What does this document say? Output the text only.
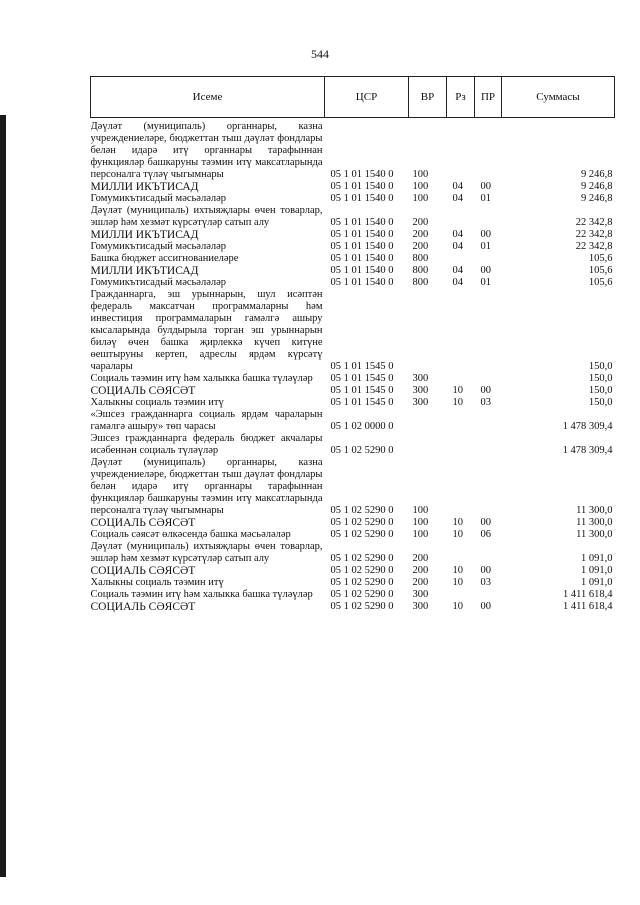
544
Исеме	ЦСР	ВР	Рз	ПР	Суммасы
Дәүләт (муниципаль) органнары, казна учреждениеләре, бюджеттан тыш дәүләт фондлары белән идарә итү органнары тарафыннан функцияләр башкаруны тәэмин итү максатларында персоналга түләү чыгымнары	05 1 01 1540 0	100			9 246,8
МИЛЛИ ИКЪТИСАД	05 1 01 1540 0	100	04	00	9 246,8
Гомумикътисадый мәсьәләләр	05 1 01 1540 0	100	04	01	9 246,8
Дәүләт (муниципаль) ихтыяҗлары өчен товарлар, эшләр һәм хезмәт күрсәтүләр сатып алу	05 1 01 1540 0	200			22 342,8
МИЛЛИ ИКЪТИСАД	05 1 01 1540 0	200	04	00	22 342,8
Гомумикътисадый мәсьәләләр	05 1 01 1540 0	200	04	01	22 342,8
Башка бюджет ассигнованиеләре	05 1 01 1540 0	800			105,6
МИЛЛИ ИКЪТИСАД	05 1 01 1540 0	800	04	00	105,6
Гомумикътисадый мәсьәләләр	05 1 01 1540 0	800	04	01	105,6
Гражданнарга, эш урыннарын, шул исәптән федераль максатчан программаларны һәм инвестиция программаларын гамәлгә ашыру кысаларында булдырыла торган эш урыннарын биләү өчен башка җирлеккә күчеп китүне өештыруны кертеп, адреслы ярдәм күрсәтү чаралары	05 1 01 1545 0				150,0
Социаль тәэмин итү һәм халыкка башка түләүләр	05 1 01 1545 0	300			150,0
СОЦИАЛЬ СӘЯСӘТ	05 1 01 1545 0	300	10	00	150,0
Халыкны социаль тәэмин итү	05 1 01 1545 0	300	10	03	150,0
«Эшсез гражданнарга социаль ярдәм чараларын гамәлгә ашыру» төп чарасы	05 1 02 0000 0				1 478 309,4
Эшсез гражданнарга федераль бюджет акчалары исәбеннән социаль түләүләр	05 1 02 5290 0				1 478 309,4
Дәүләт (муниципаль) органнары, казна учреждениеләре, бюджеттан тыш дәүләт фондлары белән идарә итү органнары тарафыннан функцияләр башкаруны тәэмин итү максатларында персоналга түләү чыгымнары	05 1 02 5290 0	100			11 300,0
СОЦИАЛЬ СӘЯСӘТ	05 1 02 5290 0	100	10	00	11 300,0
Социаль сәясәт өлкәсендә башка мәсьәләләр	05 1 02 5290 0	100	10	06	11 300,0
Дәүләт (муниципаль) ихтыяҗлары өчен товарлар, эшләр һәм хезмәт күрсәтүләр сатып алу	05 1 02 5290 0	200			1 091,0
СОЦИАЛЬ СӘЯСӘТ	05 1 02 5290 0	200	10	00	1 091,0
Халыкны социаль тәэмин итү	05 1 02 5290 0	200	10	03	1 091,0
Социаль тәэмин итү һәм халыкка башка түләүләр	05 1 02 5290 0	300			1 411 618,4
СОЦИАЛЬ СӘЯСӘТ	05 1 02 5290 0	300	10	00	1 411 618,4
